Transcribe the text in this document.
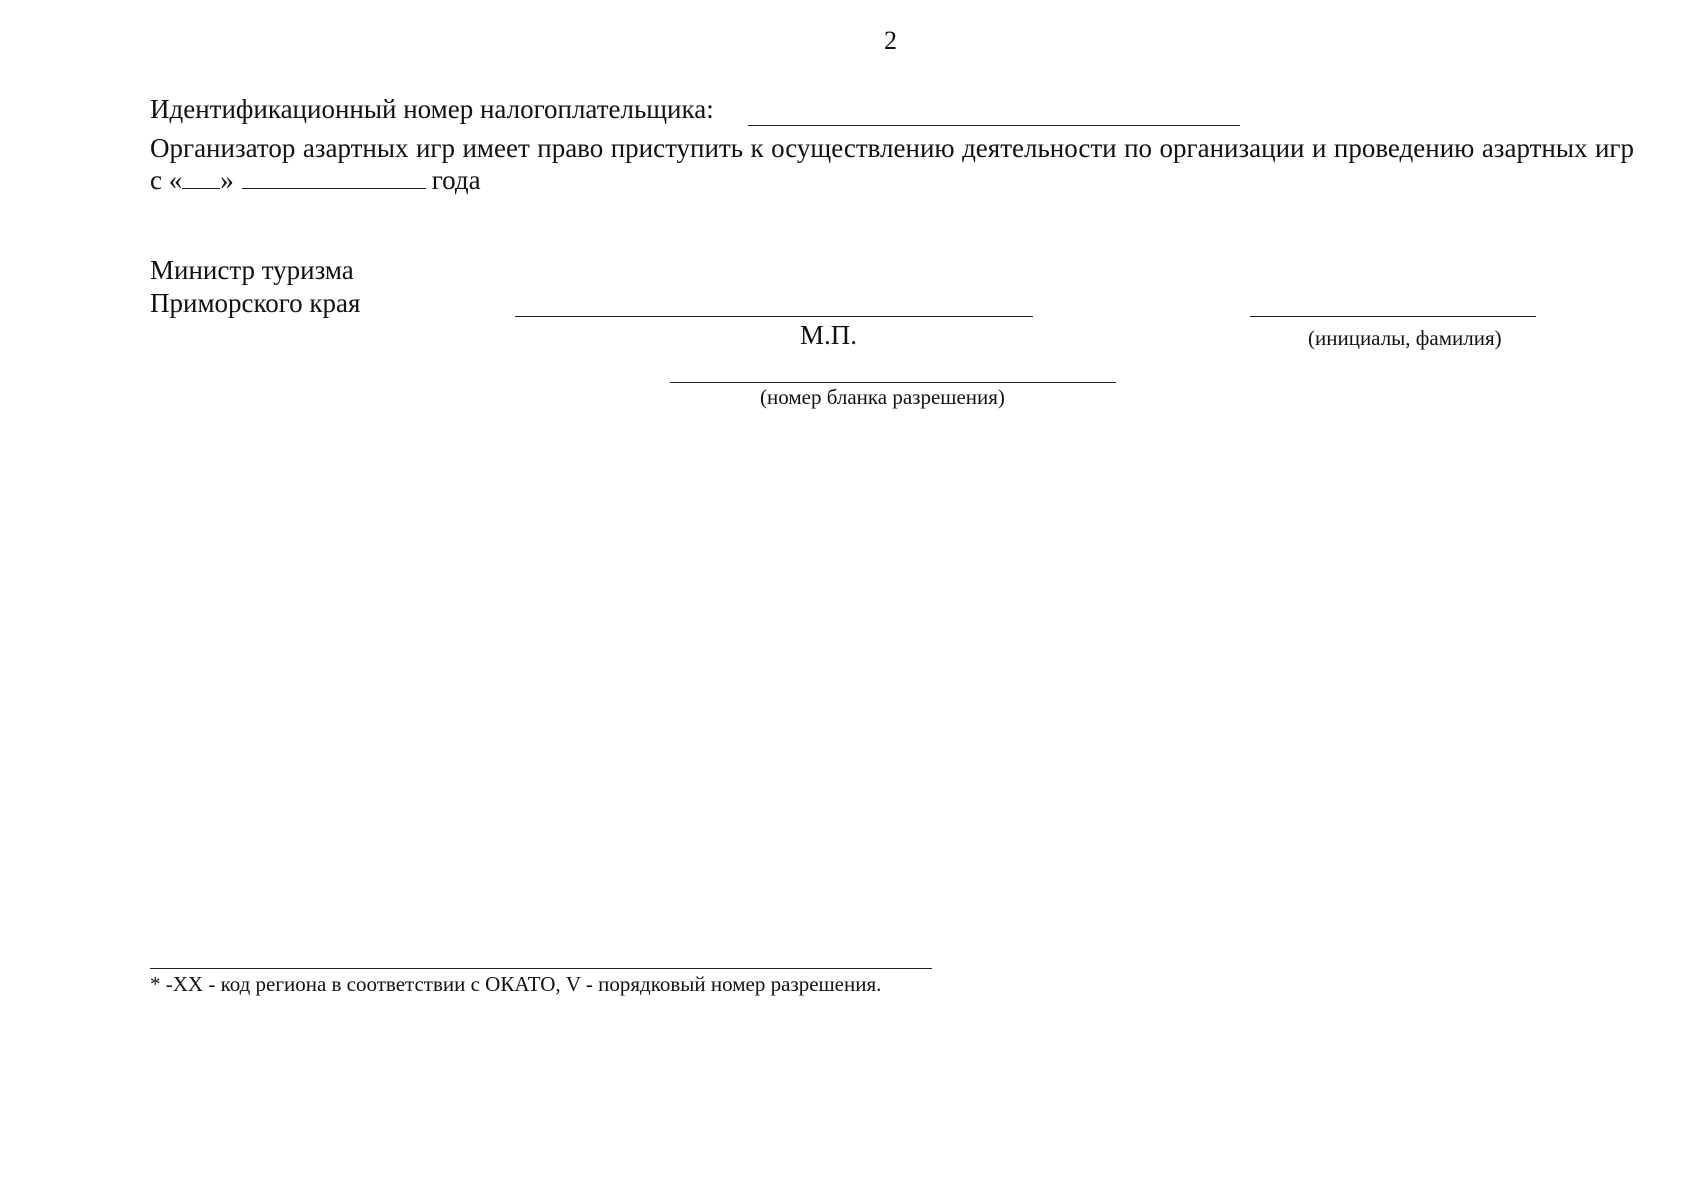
2
Идентификационный номер налогоплательщика:
Организатор азартных игр имеет право приступить к осуществлению деятельности по организации и проведению азартных игр с « »	года
Министр туризма
Приморского края
М.П.	(инициалы, фамилия)
(номер бланка разрешения)
* -XX - код региона в соответствии с ОКАТО, V - порядковый номер разрешения.
